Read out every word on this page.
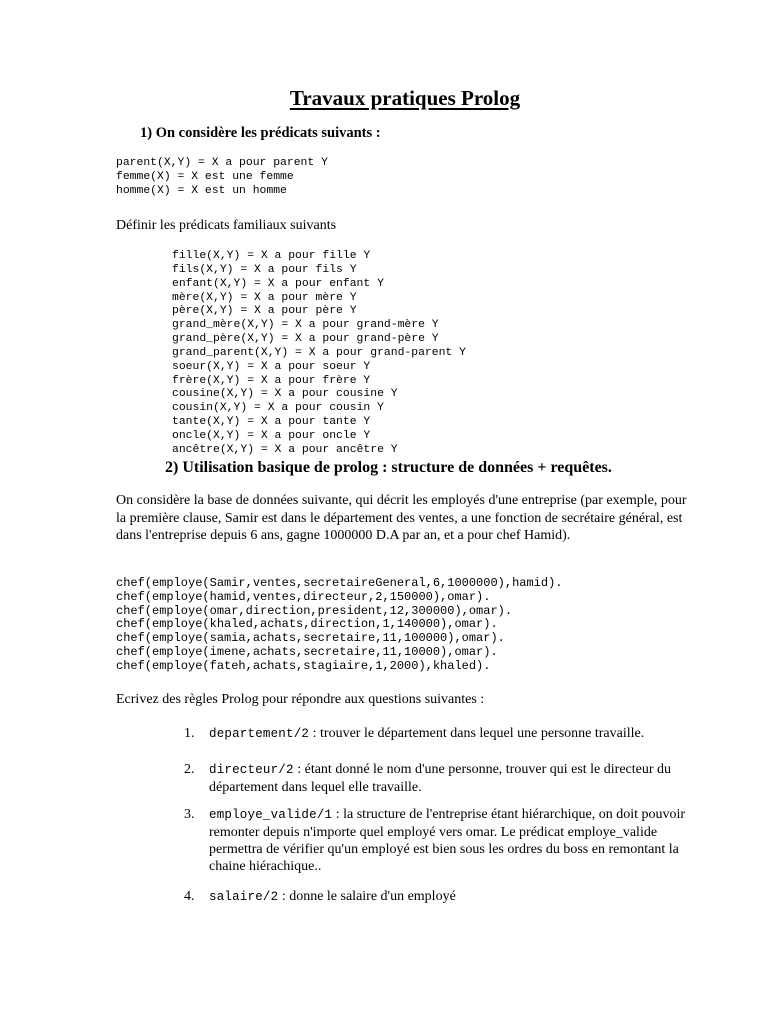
Travaux pratiques Prolog

1) On considère les prédicats suivants :

parent(X,Y) = X a pour parent Y
femme(X) = X est une femme
homme(X) = X est un homme

Définir les prédicats familiaux suivants

fille(X,Y) = X a pour fille Y
fils(X,Y) = X a pour fils Y
enfant(X,Y) = X a pour enfant Y
mère(X,Y) = X a pour mère Y
père(X,Y) = X a pour père Y
grand_mère(X,Y) = X a pour grand-mère Y
grand_père(X,Y) = X a pour grand-père Y
grand_parent(X,Y) = X a pour grand-parent Y
soeur(X,Y) = X a pour soeur Y
frère(X,Y) = X a pour frère Y
cousine(X,Y) = X a pour cousine Y
cousin(X,Y) = X a pour cousin Y
tante(X,Y) = X a pour tante Y
oncle(X,Y) = X a pour oncle Y
ancêtre(X,Y) = X a pour ancêtre Y

2) Utilisation basique de prolog : structure de données + requêtes.

On considère la base de données suivante, qui décrit les employés d'une entreprise (par exemple, pour la première clause, Samir est dans le département des ventes, a une fonction de secrétaire général, est dans l'entreprise depuis 6 ans, gagne 1000000 D.A par an, et a pour chef Hamid).

chef(employe(Samir,ventes,secretaireGeneral,6,1000000),hamid).
chef(employe(hamid,ventes,directeur,2,150000),omar).
chef(employe(omar,direction,president,12,300000),omar).
chef(employe(khaled,achats,direction,1,140000),omar).
chef(employe(samia,achats,secretaire,11,100000),omar).
chef(employe(imene,achats,secretaire,11,10000),omar).
chef(employe(fateh,achats,stagiaire,1,2000),khaled).

Ecrivez des règles Prolog pour répondre aux questions suivantes :

1. departement/2 : trouver le département dans lequel une personne travaille.
2. directeur/2 : étant donné le nom d'une personne, trouver qui est le directeur du département dans lequel elle travaille.
3. employe_valide/1 : la structure de l'entreprise étant hiérarchique, on doit pouvoir remonter depuis n'importe quel employé vers omar. Le prédicat employe_valide permettra de vérifier qu'un employé est bien sous les ordres du boss en remontant la chaine hiérachique..
4. salaire/2 : donne le salaire d'un employé
